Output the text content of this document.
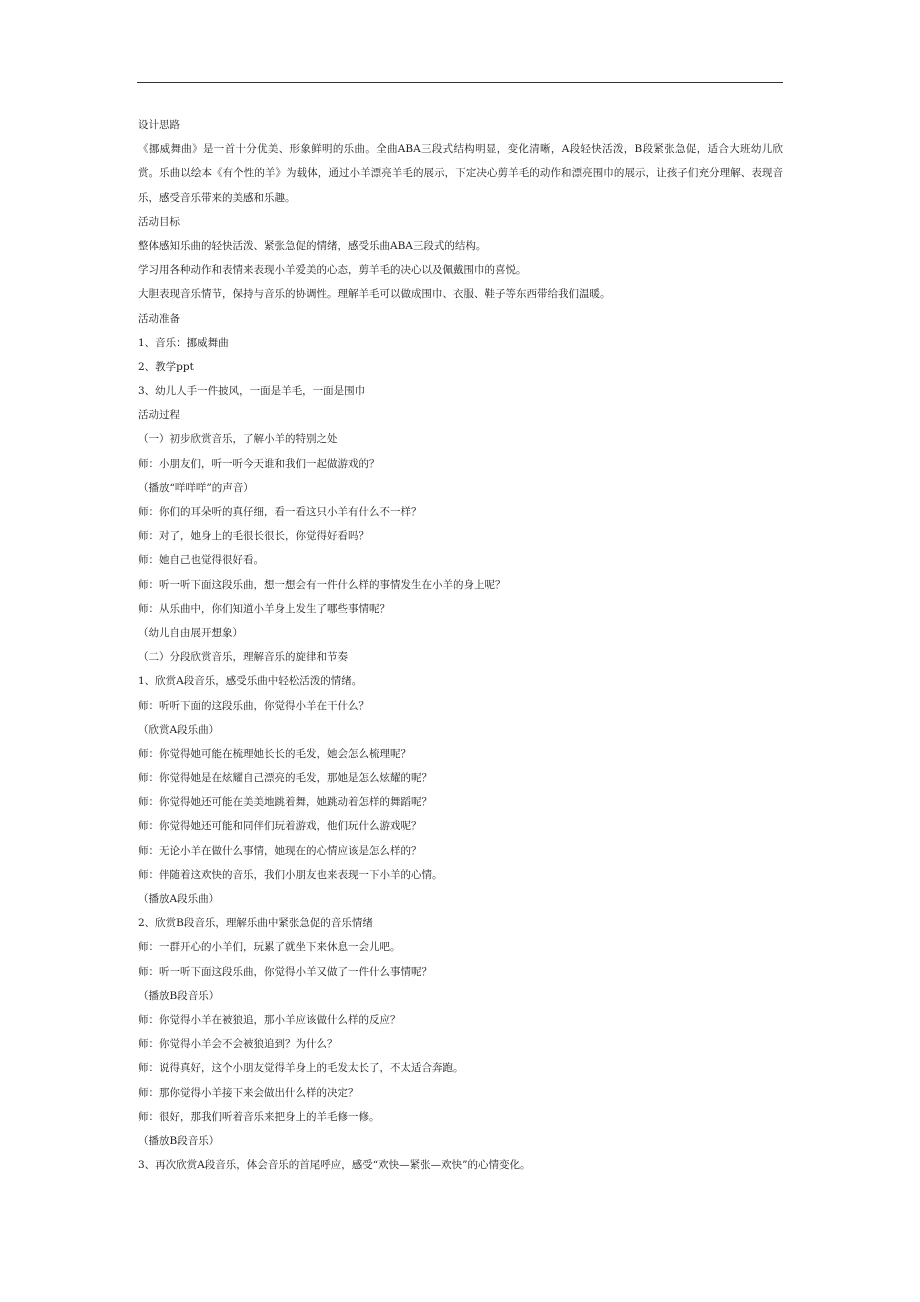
设计思路
《挪威舞曲》是一首十分优美、形象鲜明的乐曲。全曲ABA三段式结构明显，变化清晰，A段轻快活泼，B段紧张急促，适合大班幼儿欣赏。乐曲以绘本《有个性的羊》为载体，通过小羊漂亮羊毛的展示，下定决心剪羊毛的动作和漂亮围巾的展示，让孩子们充分理解、表现音乐，感受音乐带来的美感和乐趣。
活动目标
整体感知乐曲的轻快活泼、紧张急促的情绪，感受乐曲ABA三段式的结构。
学习用各种动作和表情来表现小羊爱美的心态，剪羊毛的决心以及佩戴围巾的喜悦。
大胆表现音乐情节，保持与音乐的协调性。理解羊毛可以做成围巾、衣服、鞋子等东西带给我们温暖。
活动准备
1、音乐：挪威舞曲
2、教学ppt
3、幼儿人手一件披风，一面是羊毛，一面是围巾
活动过程
（一）初步欣赏音乐，了解小羊的特别之处
师：小朋友们，听一听今天谁和我们一起做游戏的？
（播放“咩咩咩”的声音）
师：你们的耳朵听的真仔细，看一看这只小羊有什么不一样？
师：对了，她身上的毛很长很长，你觉得好看吗？
师：她自己也觉得很好看。
师：听一听下面这段乐曲，想一想会有一件什么样的事情发生在小羊的身上呢？
师：从乐曲中，你们知道小羊身上发生了哪些事情呢？
（幼儿自由展开想象）
（二）分段欣赏音乐，理解音乐的旋律和节奏
1、欣赏A段音乐，感受乐曲中轻松活泼的情绪。
师：听听下面的这段乐曲，你觉得小羊在干什么？
（欣赏A段乐曲）
师：你觉得她可能在梳理她长长的毛发，她会怎么梳理呢？
师：你觉得她是在炫耀自己漂亮的毛发，那她是怎么炫耀的呢？
师：你觉得她还可能在美美地跳着舞，她跳动着怎样的舞蹈呢？
师：你觉得她还可能和同伴们玩着游戏，他们玩什么游戏呢？
师：无论小羊在做什么事情，她现在的心情应该是怎么样的？
师：伴随着这欢快的音乐，我们小朋友也来表现一下小羊的心情。
（播放A段乐曲）
2、欣赏B段音乐，理解乐曲中紧张急促的音乐情绪
师：一群开心的小羊们，玩累了就坐下来休息一会儿吧。
师：听一听下面这段乐曲，你觉得小羊又做了一件什么事情呢？
（播放B段音乐）
师：你觉得小羊在被狼追，那小羊应该做什么样的反应？
师：你觉得小羊会不会被狼追到？为什么？
师：说得真好，这个小朋友觉得羊身上的毛发太长了，不太适合奔跑。
师：那你觉得小羊接下来会做出什么样的决定？
师：很好，那我们听着音乐来把身上的羊毛修一修。
（播放B段音乐）
3、再次欣赏A段音乐，体会音乐的首尾呼应，感受“欢快—紧张—欢快”的心情变化。
